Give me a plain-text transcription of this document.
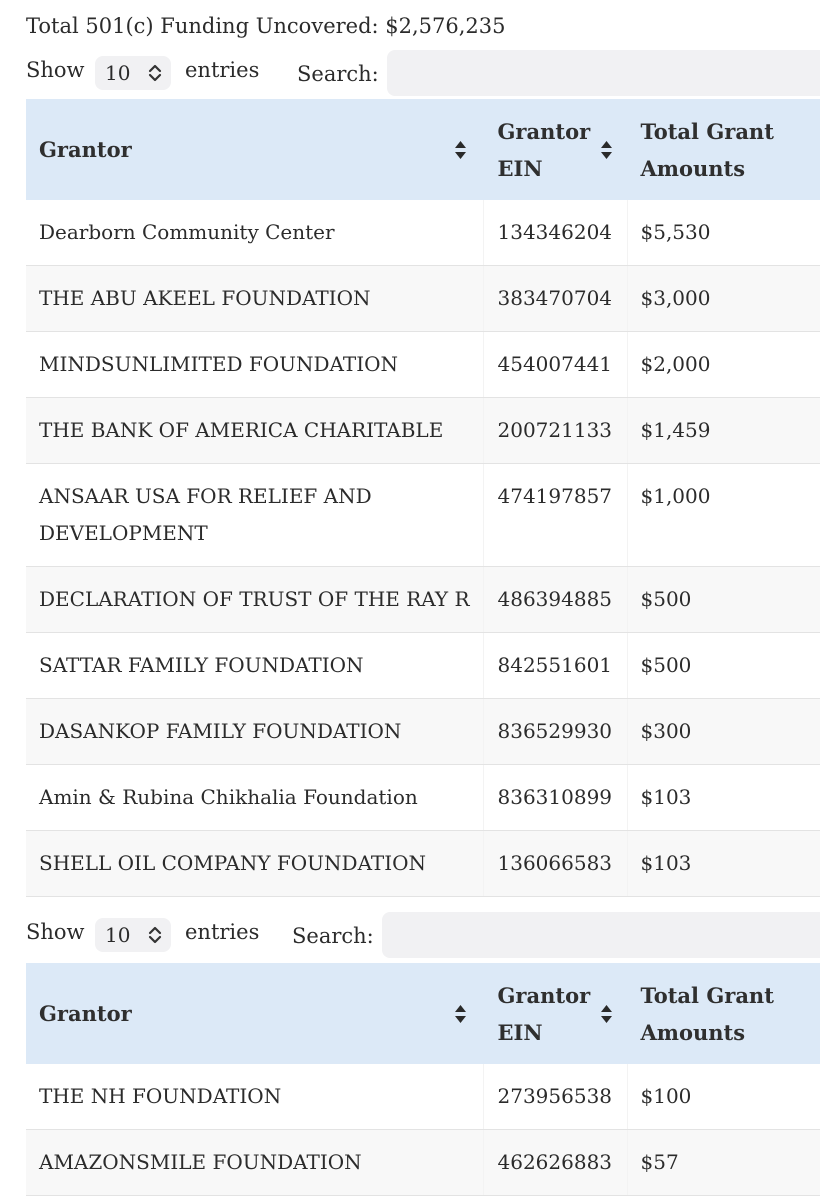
Total 501(c) Funding Uncovered: $2,576,235
Show 10	entries Search:
Grantor	Grantor EIN	Total Grant Amounts

Dearborn Community Center	134346204	$5,530
THE ABU AKEEL FOUNDATION	383470704	$3,000
MINDSUNLIMITED FOUNDATION	454007441	$2,000
THE BANK OF AMERICA CHARITABLE	200721133	$1,459
ANSAAR USA FOR RELIEF AND DEVELOPMENT	474197857	$1,000
DECLARATION OF TRUST OF THE RAY R	486394885	$500
SATTAR FAMILY FOUNDATION	842551601	$500
DASANKOP FAMILY FOUNDATION	836529930	$300
Amin & Rubina Chikhalia Foundation	836310899	$103
SHELL OIL COMPANY FOUNDATION	136066583	$103
Show 10	entries Search:
Grantor	Grantor EIN	Total Grant Amounts

THE NH FOUNDATION	273956538	$100
AMAZONSMILE FOUNDATION	462626883	$57
